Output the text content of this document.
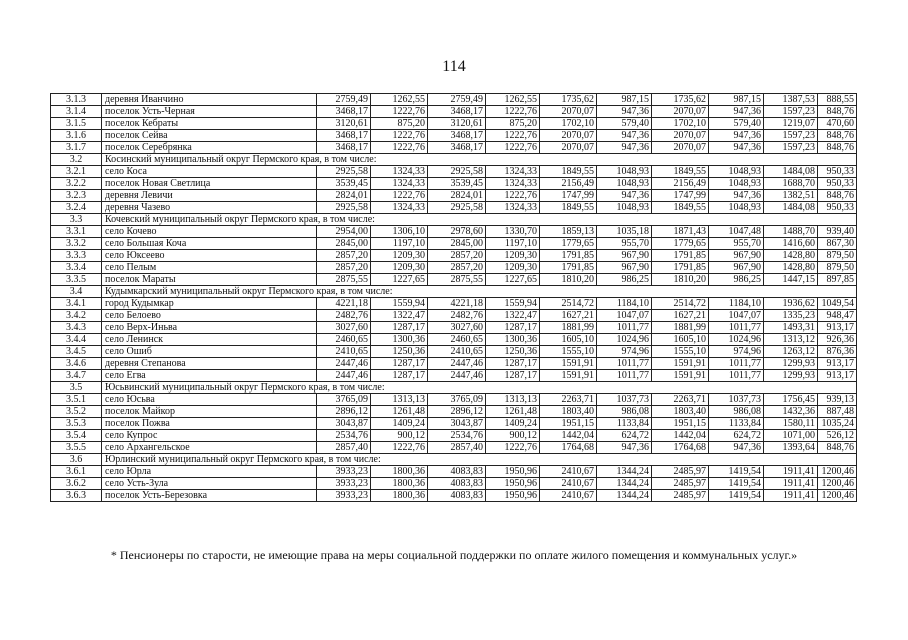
114
3.1.3	деревня Иванчино	2759,49	1262,55	2759,49	1262,55	1735,62	987,15	1735,62	987,15	1387,53	888,55
3.1.4	поселок Усть-Черная	3468,17	1222,76	3468,17	1222,76	2070,07	947,36	2070,07	947,36	1597,23	848,76
3.1.5	поселок Кебраты	3120,61	875,20	3120,61	875,20	1702,10	579,40	1702,10	579,40	1219,07	470,60
3.1.6	поселок Сейва	3468,17	1222,76	3468,17	1222,76	2070,07	947,36	2070,07	947,36	1597,23	848,76
3.1.7	поселок Серебрянка	3468,17	1222,76	3468,17	1222,76	2070,07	947,36	2070,07	947,36	1597,23	848,76
3.2	Косинский муниципальный округ Пермского края, в том числе:										
3.2.1	село Коса	2925,58	1324,33	2925,58	1324,33	1849,55	1048,93	1849,55	1048,93	1484,08	950,33
3.2.2	поселок Новая Светлица	3539,45	1324,33	3539,45	1324,33	2156,49	1048,93	2156,49	1048,93	1688,70	950,33
3.2.3	деревня Левичи	2824,01	1222,76	2824,01	1222,76	1747,99	947,36	1747,99	947,36	1382,51	848,76
3.2.4	деревня Чазево	2925,58	1324,33	2925,58	1324,33	1849,55	1048,93	1849,55	1048,93	1484,08	950,33
3.3	Кочевский муниципальный округ Пермского края, в том числе:										
3.3.1	село Кочево	2954,00	1306,10	2978,60	1330,70	1859,13	1035,18	1871,43	1047,48	1488,70	939,40
3.3.2	село Большая Коча	2845,00	1197,10	2845,00	1197,10	1779,65	955,70	1779,65	955,70	1416,60	867,30
3.3.3	село Юксеево	2857,20	1209,30	2857,20	1209,30	1791,85	967,90	1791,85	967,90	1428,80	879,50
3.3.4	село Пелым	2857,20	1209,30	2857,20	1209,30	1791,85	967,90	1791,85	967,90	1428,80	879,50
3.3.5	поселок Мараты	2875,55	1227,65	2875,55	1227,65	1810,20	986,25	1810,20	986,25	1447,15	897,85
3.4	Кудымкарский муниципальный округ Пермского края, в том числе:										
3.4.1	город Кудымкар	4221,18	1559,94	4221,18	1559,94	2514,72	1184,10	2514,72	1184,10	1936,62	1049,54
3.4.2	село Белоево	2482,76	1322,47	2482,76	1322,47	1627,21	1047,07	1627,21	1047,07	1335,23	948,47
3.4.3	село Верх-Иньва	3027,60	1287,17	3027,60	1287,17	1881,99	1011,77	1881,99	1011,77	1493,31	913,17
3.4.4	село Ленинск	2460,65	1300,36	2460,65	1300,36	1605,10	1024,96	1605,10	1024,96	1313,12	926,36
3.4.5	село Ошиб	2410,65	1250,36	2410,65	1250,36	1555,10	974,96	1555,10	974,96	1263,12	876,36
3.4.6	деревня Степанова	2447,46	1287,17	2447,46	1287,17	1591,91	1011,77	1591,91	1011,77	1299,93	913,17
3.4.7	село Егва	2447,46	1287,17	2447,46	1287,17	1591,91	1011,77	1591,91	1011,77	1299,93	913,17
3.5	Юсьвинский муниципальный округ Пермского края, в том числе:										
3.5.1	село Юсьва	3765,09	1313,13	3765,09	1313,13	2263,71	1037,73	2263,71	1037,73	1756,45	939,13
3.5.2	поселок Майкор	2896,12	1261,48	2896,12	1261,48	1803,40	986,08	1803,40	986,08	1432,36	887,48
3.5.3	поселок Пожва	3043,87	1409,24	3043,87	1409,24	1951,15	1133,84	1951,15	1133,84	1580,11	1035,24
3.5.4	село Купрос	2534,76	900,12	2534,76	900,12	1442,04	624,72	1442,04	624,72	1071,00	526,12
3.5.5	село Архангельское	2857,40	1222,76	2857,40	1222,76	1764,68	947,36	1764,68	947,36	1393,64	848,76
3.6	Юрлинский муниципальный округ Пермского края, в том числе:										
3.6.1	село Юрла	3933,23	1800,36	4083,83	1950,96	2410,67	1344,24	2485,97	1419,54	1911,41	1200,46
3.6.2	село Усть-Зула	3933,23	1800,36	4083,83	1950,96	2410,67	1344,24	2485,97	1419,54	1911,41	1200,46
3.6.3	поселок Усть-Березовка	3933,23	1800,36	4083,83	1950,96	2410,67	1344,24	2485,97	1419,54	1911,41	1200,46
* Пенсионеры по старости, не имеющие права на меры социальной поддержки по оплате жилого помещения и коммунальных услуг.»
